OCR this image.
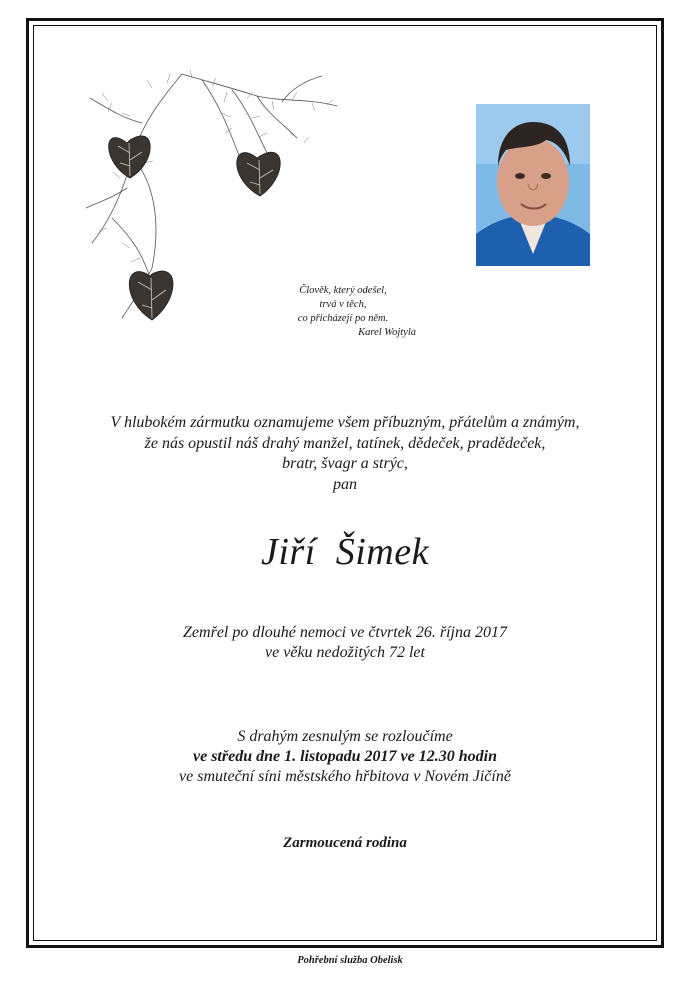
Člověk, který odešel,
trvá v těch,
co přicházejí po něm.
Karel Wojtyla
V hlubokém zármutku oznamujeme všem příbuzným, přátelům a známým,
že nás opustil náš drahý manžel, tatínek, dědeček, pradědeček,
bratr, švagr a strýc,
pan
Jiří  Šimek
Zemřel po dlouhé nemoci ve čtvrtek 26. října 2017
ve věku nedožitých 72 let
S drahým zesnulým se rozloučíme
ve středu dne 1. listopadu 2017 ve 12.30 hodin
ve smuteční síni městského hřbitova v Novém Jičíně
Zarmoucená rodina
Pohřební služba Obelisk
